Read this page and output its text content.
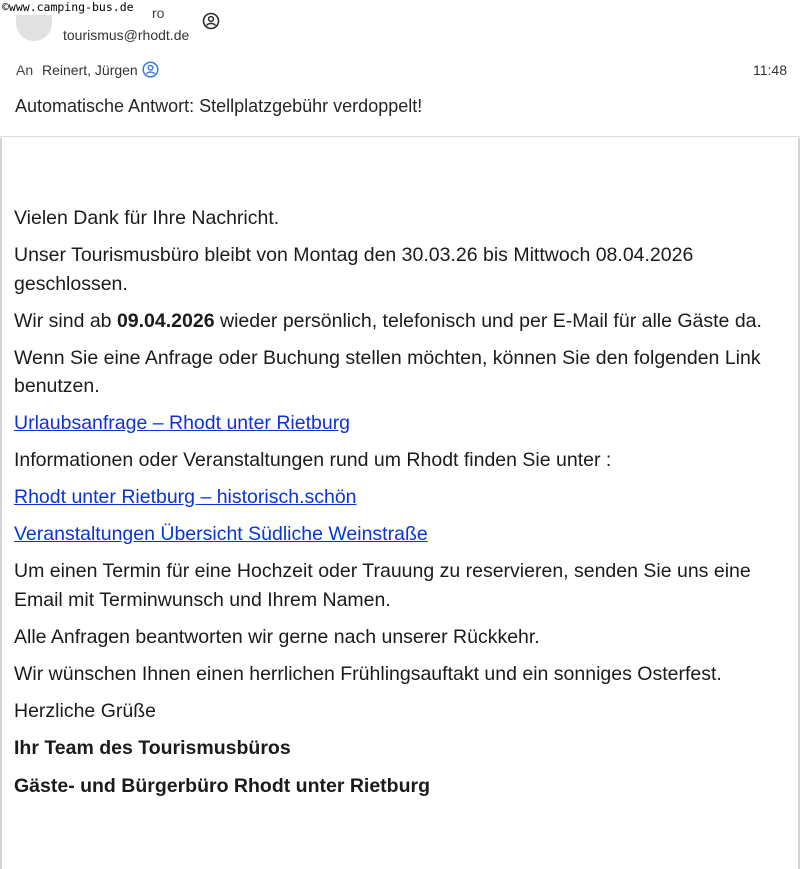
ro
tourismus@rhodt.de
An Reinert, Jürgen	11:48
Automatische Antwort: Stellplatzgebühr verdoppelt!
©www.camping-bus.de

Vielen Dank für Ihre Nachricht.

Unser Tourismusbüro bleibt von Montag den 30.03.26 bis Mittwoch 08.04.2026 geschlossen.

Wir sind ab 09.04.2026 wieder persönlich, telefonisch und per E-Mail für alle Gäste da.

Wenn Sie eine Anfrage oder Buchung stellen möchten, können Sie den folgenden Link benutzen.

Urlaubsanfrage – Rhodt unter Rietburg

Informationen oder Veranstaltungen rund um Rhodt finden Sie unter :

Rhodt unter Rietburg – historisch.schön

Veranstaltungen Übersicht Südliche Weinstraße

Um einen Termin für eine Hochzeit oder Trauung zu reservieren, senden Sie uns eine Email mit Terminwunsch und Ihrem Namen.

Alle Anfragen beantworten wir gerne nach unserer Rückkehr.

Wir wünschen Ihnen einen herrlichen Frühlingsauftakt und ein sonniges Osterfest.

Herzliche Grüße

Ihr Team des Tourismusbüros

Gäste- und Bürgerbüro Rhodt unter Rietburg
